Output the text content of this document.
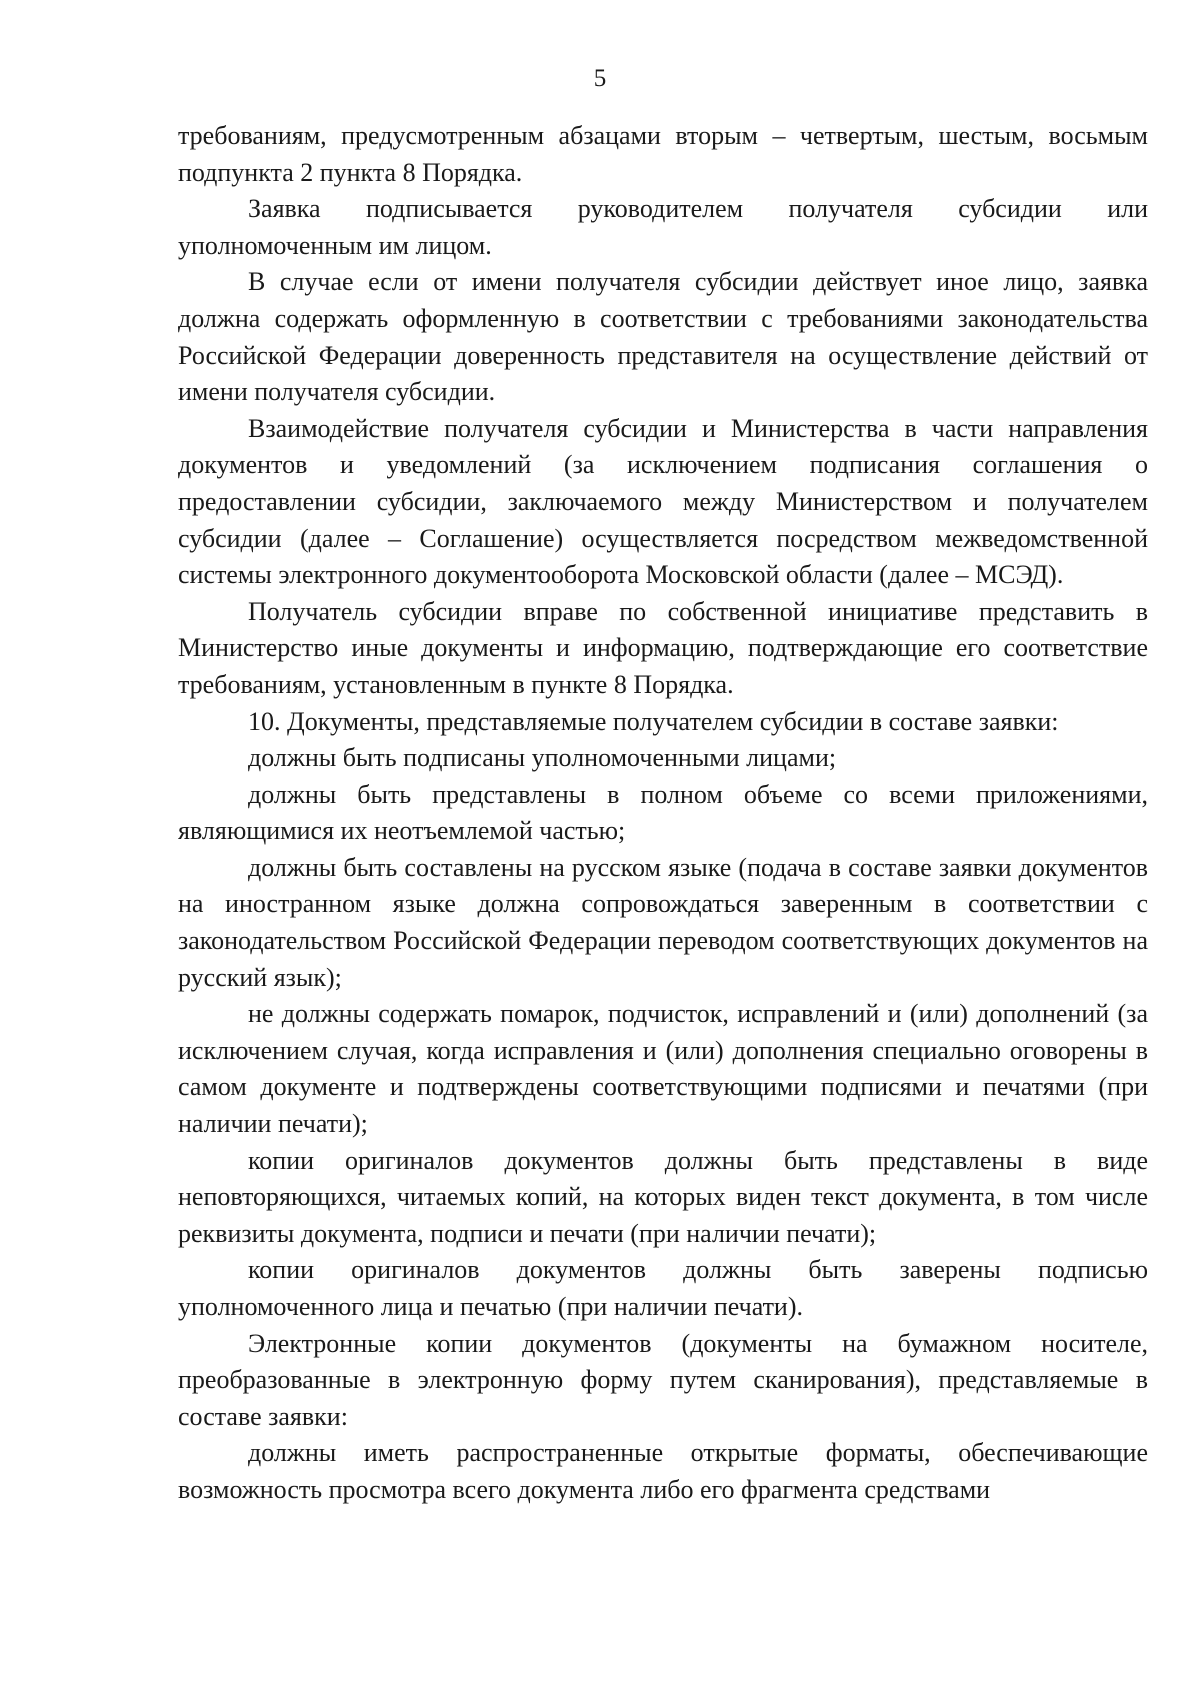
5

требованиям, предусмотренным абзацами вторым – четвертым, шестым, восьмым подпункта 2 пункта 8 Порядка.

Заявка подписывается руководителем получателя субсидии или уполномоченным им лицом.

В случае если от имени получателя субсидии действует иное лицо, заявка должна содержать оформленную в соответствии с требованиями законодательства Российской Федерации доверенность представителя на осуществление действий от имени получателя субсидии.

Взаимодействие получателя субсидии и Министерства в части направления документов и уведомлений (за исключением подписания соглашения о предоставлении субсидии, заключаемого между Министерством и получателем субсидии (далее – Соглашение) осуществляется посредством межведомственной системы электронного документооборота Московской области (далее – МСЭД).

Получатель субсидии вправе по собственной инициативе представить в Министерство иные документы и информацию, подтверждающие его соответствие требованиям, установленным в пункте 8 Порядка.

10. Документы, представляемые получателем субсидии в составе заявки:

должны быть подписаны уполномоченными лицами;

должны быть представлены в полном объеме со всеми приложениями, являющимися их неотъемлемой частью;

должны быть составлены на русском языке (подача в составе заявки документов на иностранном языке должна сопровождаться заверенным в соответствии с законодательством Российской Федерации переводом соответствующих документов на русский язык);

не должны содержать помарок, подчисток, исправлений и (или) дополнений (за исключением случая, когда исправления и (или) дополнения специально оговорены в самом документе и подтверждены соответствующими подписями и печатями (при наличии печати);

копии оригиналов документов должны быть представлены в виде неповторяющихся, читаемых копий, на которых виден текст документа, в том числе реквизиты документа, подписи и печати (при наличии печати);

копии оригиналов документов должны быть заверены подписью уполномоченного лица и печатью (при наличии печати).

Электронные копии документов (документы на бумажном носителе, преобразованные в электронную форму путем сканирования), представляемые в составе заявки:

должны иметь распространенные открытые форматы, обеспечивающие возможность просмотра всего документа либо его фрагмента средствами
